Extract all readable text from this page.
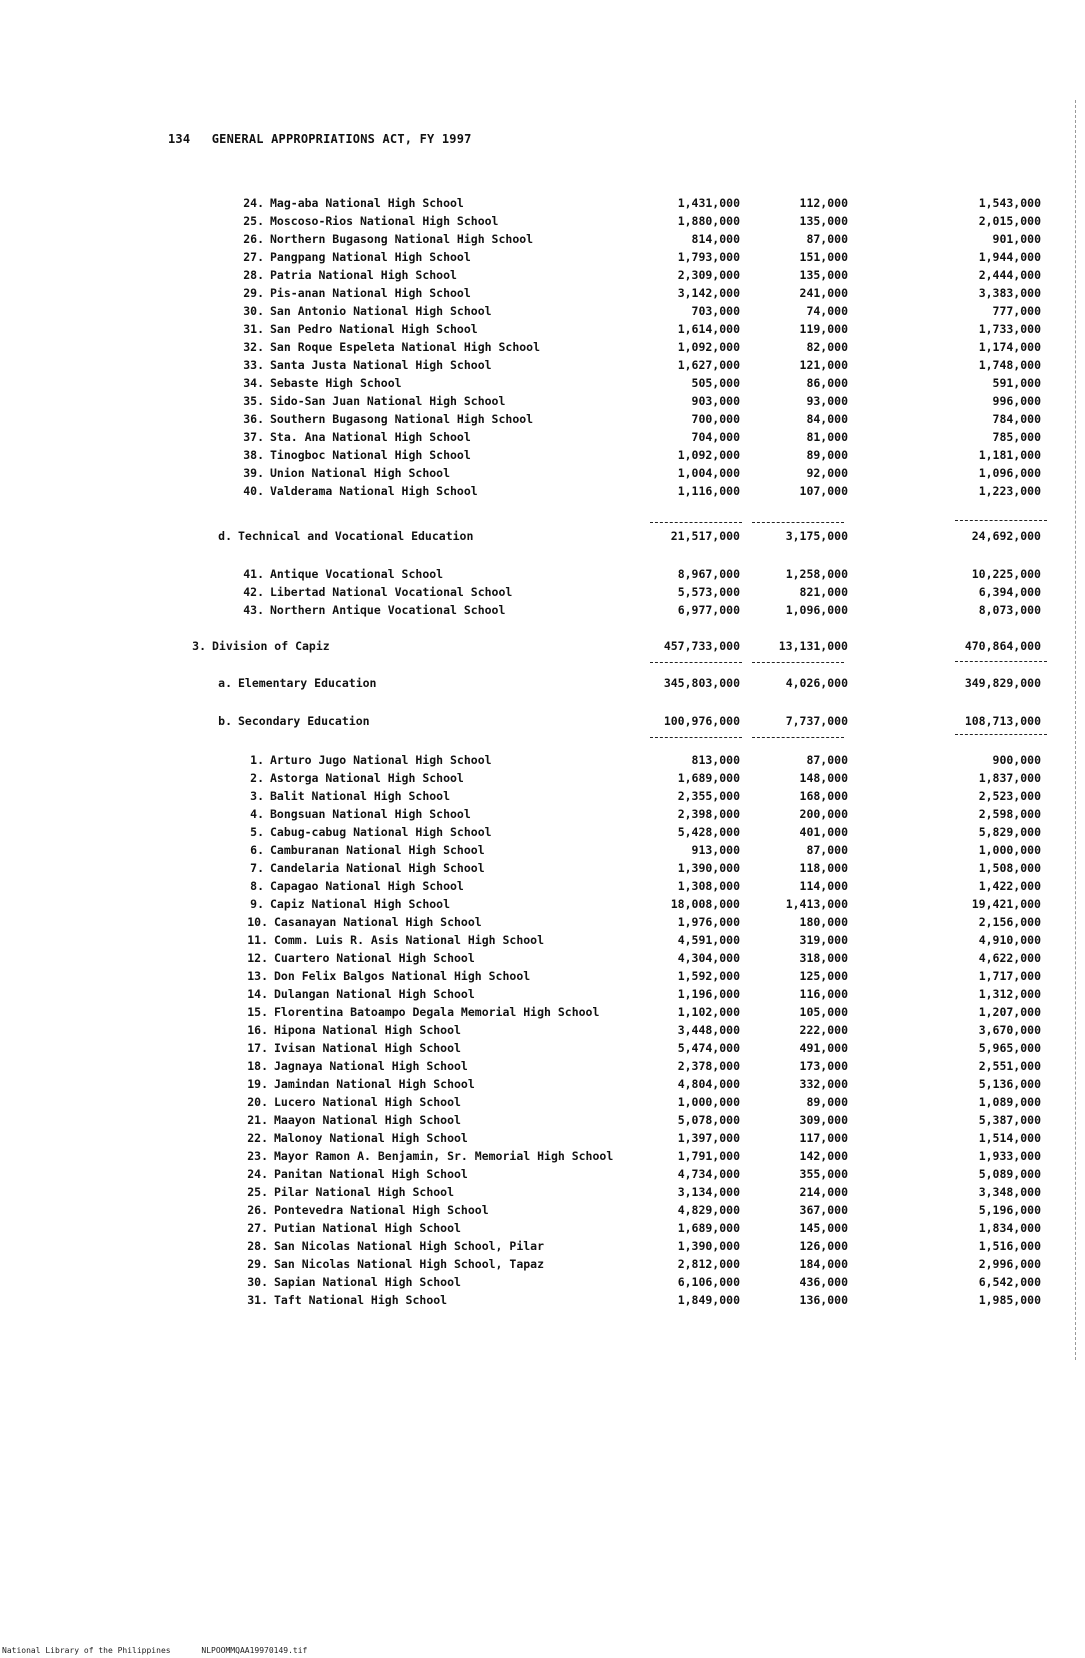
134 GENERAL APPROPRIATIONS ACT, FY 1997
24. Mag-aba National High School	1,431,000	112,000	1,543,000
25. Moscoso-Rios National High School	1,880,000	135,000	2,015,000
26. Northern Bugasong National High School	814,000	87,000	901,000
27. Pangpang National High School	1,793,000	151,000	1,944,000
28. Patria National High School	2,309,000	135,000	2,444,000
29. Pis-anan National High School	3,142,000	241,000	3,383,000
30. San Antonio National High School	703,000	74,000	777,000
31. San Pedro National High School	1,614,000	119,000	1,733,000
32. San Roque Espeleta National High School	1,092,000	82,000	1,174,000
33. Santa Justa National High School	1,627,000	121,000	1,748,000
34. Sebaste High School	505,000	86,000	591,000
35. Sido-San Juan National High School	903,000	93,000	996,000
36. Southern Bugasong National High School	700,000	84,000	784,000
37. Sta. Ana National High School	704,000	81,000	785,000
38. Tinogboc National High School	1,092,000	89,000	1,181,000
39. Union National High School	1,004,000	92,000	1,096,000
40. Valderama National High School	1,116,000	107,000	1,223,000
d. Technical and Vocational Education	21,517,000	3,175,000	24,692,000
41. Antique Vocational School	8,967,000	1,258,000	10,225,000
42. Libertad National Vocational School	5,573,000	821,000	6,394,000
43. Northern Antique Vocational School	6,977,000	1,096,000	8,073,000
3. Division of Capiz	457,733,000	13,131,000	470,864,000
a. Elementary Education	345,803,000	4,026,000	349,829,000
b. Secondary Education	100,976,000	7,737,000	108,713,000
1. Arturo Jugo National High School	813,000	87,000	900,000
2. Astorga National High School	1,689,000	148,000	1,837,000
3. Balit National High School	2,355,000	168,000	2,523,000
4. Bongsuan National High School	2,398,000	200,000	2,598,000
5. Cabug-cabug National High School	5,428,000	401,000	5,829,000
6. Camburanan National High School	913,000	87,000	1,000,000
7. Candelaria National High School	1,390,000	118,000	1,508,000
8. Capagao National High School	1,308,000	114,000	1,422,000
9. Capiz National High School	18,008,000	1,413,000	19,421,000
10. Casanayan National High School	1,976,000	180,000	2,156,000
11. Comm. Luis R. Asis National High School	4,591,000	319,000	4,910,000
12. Cuartero National High School	4,304,000	318,000	4,622,000
13. Don Felix Balgos National High School	1,592,000	125,000	1,717,000
14. Dulangan National High School	1,196,000	116,000	1,312,000
15. Florentina Batoampo Degala Memorial High School	1,102,000	105,000	1,207,000
16. Hipona National High School	3,448,000	222,000	3,670,000
17. Ivisan National High School	5,474,000	491,000	5,965,000
18. Jagnaya National High School	2,378,000	173,000	2,551,000
19. Jamindan National High School	4,804,000	332,000	5,136,000
20. Lucero National High School	1,000,000	89,000	1,089,000
21. Maayon National High School	5,078,000	309,000	5,387,000
22. Malonoy National High School	1,397,000	117,000	1,514,000
23. Mayor Ramon A. Benjamin, Sr. Memorial High School	1,791,000	142,000	1,933,000
24. Panitan National High School	4,734,000	355,000	5,089,000
25. Pilar National High School	3,134,000	214,000	3,348,000
26. Pontevedra National High School	4,829,000	367,000	5,196,000
27. Putian National High School	1,689,000	145,000	1,834,000
28. San Nicolas National High School, Pilar	1,390,000	126,000	1,516,000
29. San Nicolas National High School, Tapaz	2,812,000	184,000	2,996,000
30. Sapian National High School	6,106,000	436,000	6,542,000
31. Taft National High School	1,849,000	136,000	1,985,000
National Library of the Philippines	NLPOOMMQAA19970149.tif
